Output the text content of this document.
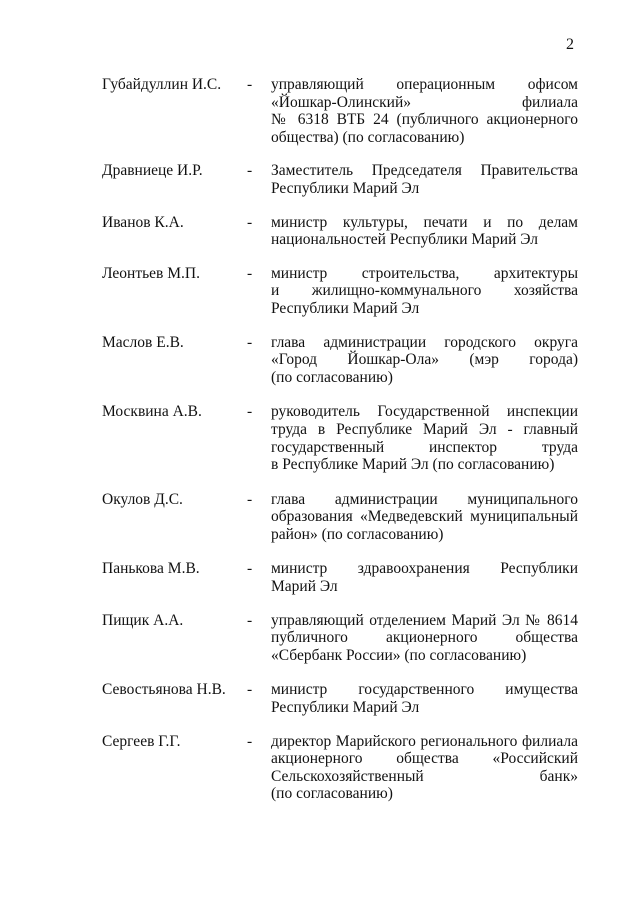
2
Губайдуллин И.С.	-	управляющий операционным офисом
«Йошкар-Олинский» филиала
№ 6318 ВТБ 24 (публичного акционерного
общества) (по согласованию)
Дравниеце И.Р.	-	Заместитель Председателя Правительства
Республики Марий Эл
Иванов К.А.	-	министр культуры, печати и по делам
национальностей Республики Марий Эл
Леонтьев М.П.	-	министр строительства, архитектуры
и жилищно-коммунального хозяйства
Республики Марий Эл
Маслов Е.В.	-	глава администрации городского округа
«Город Йошкар-Ола» (мэр города)
(по согласованию)
Москвина А.В.	-	руководитель Государственной инспекции
труда в Республике Марий Эл - главный
государственный инспектор труда
в Республике Марий Эл (по согласованию)
Окулов Д.С.	-	глава администрации муниципального
образования «Медведевский муниципальный
район» (по согласованию)
Панькова М.В.	-	министр здравоохранения Республики
Марий Эл
Пищик А.А.	-	управляющий отделением Марий Эл № 8614
публичного акционерного общества
«Сбербанк России» (по согласованию)
Севостьянова Н.В.	-	министр государственного имущества
Республики Марий Эл
Сергеев Г.Г.	-	директор Марийского регионального филиала
акционерного общества «Российский
Сельскохозяйственный банк»
(по согласованию)
